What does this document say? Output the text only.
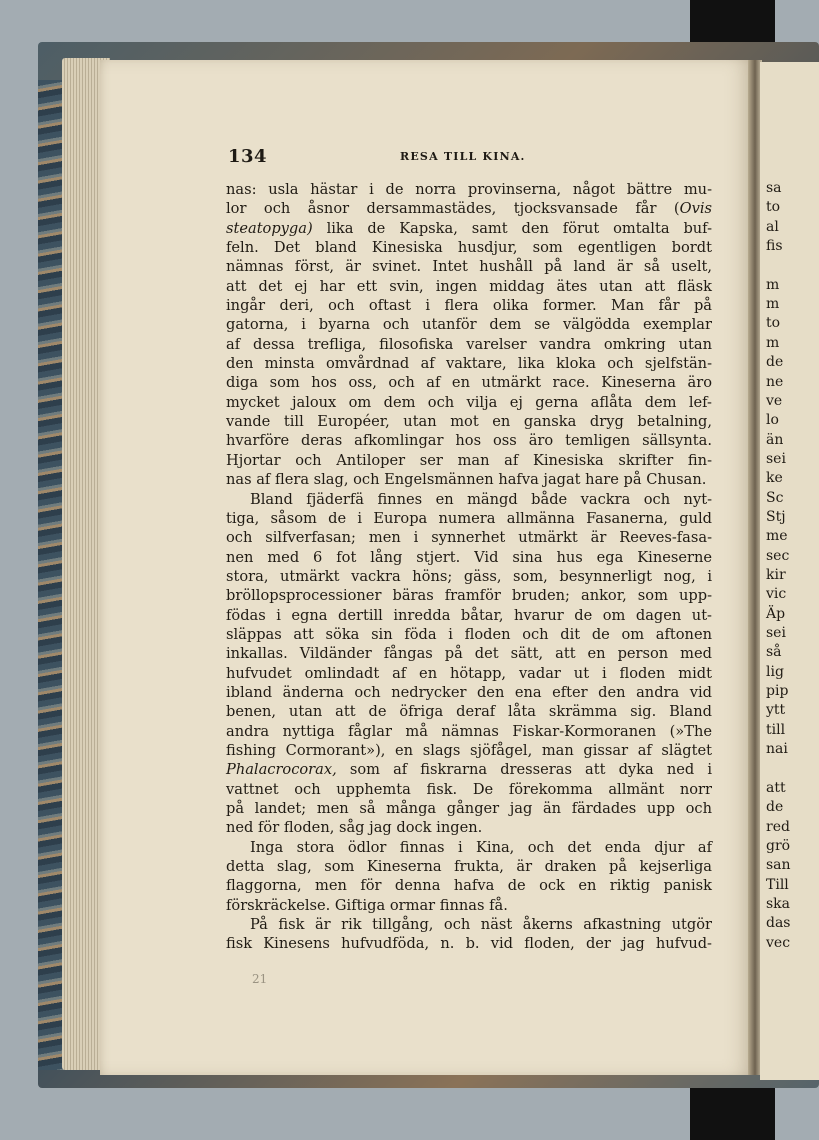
sa
to
al
fis
m
m
to
m
de
ne
ve
lo
än
sei
ke
Sc
Stj
me
sec
kir
vic
Äp
sei
så
lig
pip
ytt
till
nai
att
de
red
grö
san
Till
ska
das
vec
134	RESA TILL KINA.
nas: usla hästar i de norra provinserna, något bättre mu-
lor och åsnor dersammastädes, tjocksvansade får (Ovis
steatopyga) lika de Kapska, samt den förut omtalta buf-
feln. Det bland Kinesiska husdjur, som egentligen bordt
nämnas först, är svinet. Intet hushåll på land är så uselt,
att det ej har ett svin, ingen middag ätes utan att fläsk
ingår deri, och oftast i flera olika former. Man får på
gatorna, i byarna och utanför dem se välgödda exemplar
af dessa trefliga, filosofiska varelser vandra omkring utan
den minsta omvårdnad af vaktare, lika kloka och sjelfstän-
diga som hos oss, och af en utmärkt race. Kineserna äro
mycket jaloux om dem och vilja ej gerna aflåta dem lef-
vande till Européer, utan mot en ganska dryg betalning,
hvarföre deras afkomlingar hos oss äro temligen sällsynta.
Hjortar och Antiloper ser man af Kinesiska skrifter fin-
nas af flera slag, och Engelsmännen hafva jagat hare på Chusan.
Bland fjäderfä finnes en mängd både vackra och nyt-
tiga, såsom de i Europa numera allmänna Fasanerna, guld
och silfverfasan; men i synnerhet utmärkt är Reeves-fasa-
nen med 6 fot lång stjert. Vid sina hus ega Kineserne
stora, utmärkt vackra höns; gäss, som, besynnerligt nog, i
bröllopsprocessioner bäras framför bruden; ankor, som upp-
födas i egna dertill inredda båtar, hvarur de om dagen ut-
släppas att söka sin föda i floden och dit de om aftonen
inkallas. Vildänder fångas på det sätt, att en person med
hufvudet omlindadt af en hötapp, vadar ut i floden midt
ibland änderna och nedrycker den ena efter den andra vid
benen, utan att de öfriga deraf låta skrämma sig. Bland
andra nyttiga fåglar må nämnas Fiskar-Kormoranen (»The
fishing Cormorant»), en slags sjöfågel, man gissar af slägtet
Phalacrocorax, som af fiskrarna dresseras att dyka ned i
vattnet och upphemta fisk. De förekomma allmänt norr
på landet; men så många gånger jag än färdades upp och
ned för floden, såg jag dock ingen.
Inga stora ödlor finnas i Kina, och det enda djur af
detta slag, som Kineserna frukta, är draken på kejserliga
flaggorna, men för denna hafva de ock en riktig panisk
förskräckelse. Giftiga ormar finnas få.
På fisk är rik tillgång, och näst åkerns afkastning utgör
fisk Kinesens hufvudföda, n. b. vid floden, der jag hufvud-
21
